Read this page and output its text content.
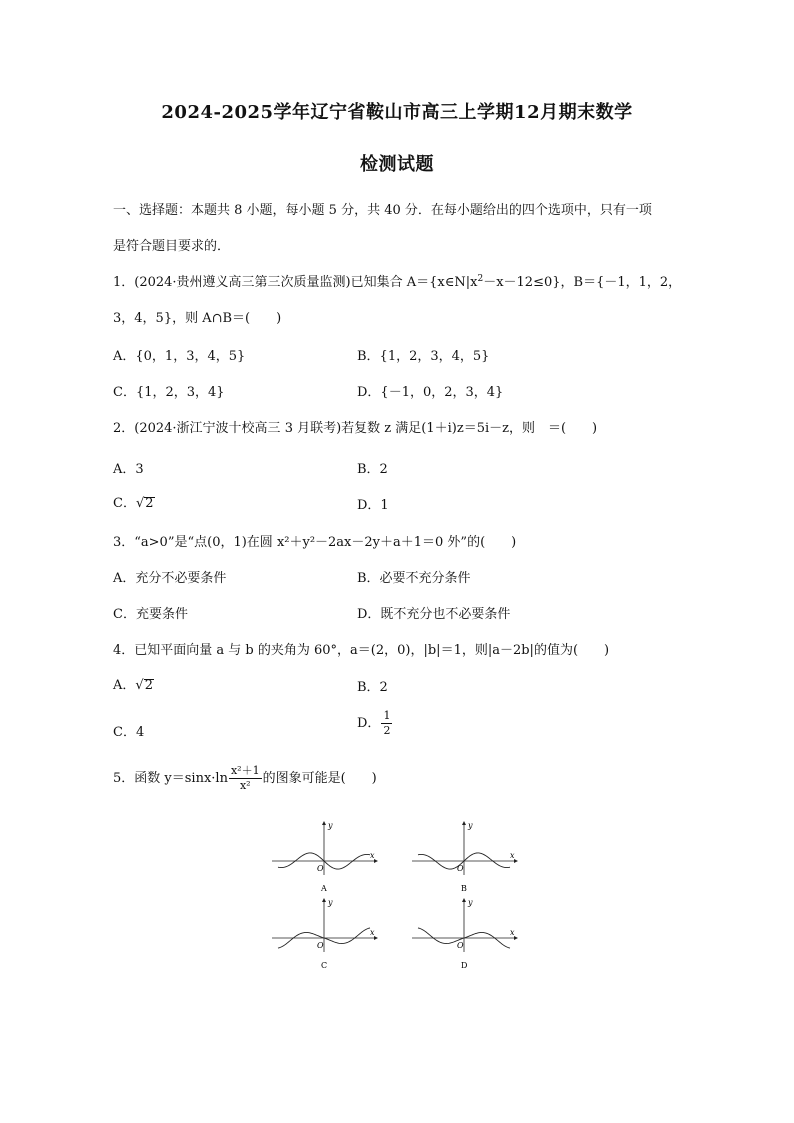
2024-2025学年辽宁省鞍山市高三上学期12月期末数学
检测试题
一、选择题：本题共 8 小题，每小题 5 分，共 40 分．在每小题给出的四个选项中，只有一项
是符合题目要求的．
1．(2024·贵州遵义高三第三次质量监测)已知集合 $A=\{x\in N|x^2-x-12\le 0\}$，B＝{－1，1，2，
3，4，5}，则 A∩B＝(　　)
A．{0，1，3，4，5}	B．{1，2，3，4，5}
C．{1，2，3，4}	D．{－1，0，2，3，4}
2．(2024·浙江宁波十校高三 3 月联考)若复数 z 满足(1＋i)z＝5i－z，则　＝(　　)
A．3	B．2
C．√2	D．1
3．“a>0”是“点(0，1)在圆 x²＋y²－2ax－2y＋a＋1＝0 外”的(　　)
A．充分不必要条件	B．必要不充分条件
C．充要条件	D．既不充分也不必要条件
4．已知平面向量 a 与 b 的夹角为 60°，a＝(2，0)，|b|＝1，则|a－2b|的值为(　　)
A．√2	B．2
C．4
D． $\frac{1}{2}$
5．函数 $y=\sin x\cdot\ln \frac{\text{x²＋1}}{\text{x²}}$ 的图象可能是(　　)
x
y
O
A
x
y
O
B
x
y
O
C
x
y
O
D
